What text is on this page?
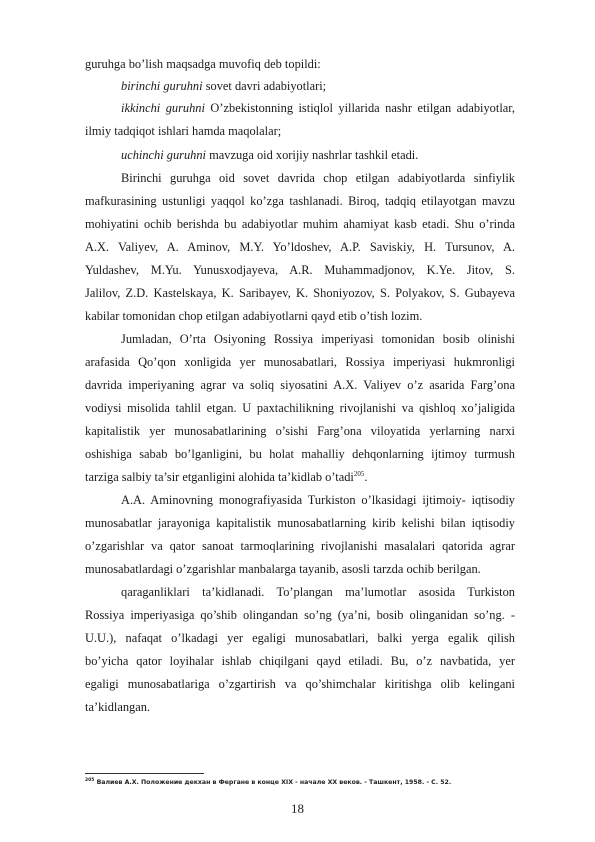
guruhga bo’lish maqsadga muvofiq deb topildi:
birinchi guruhni sovet davri adabiyotlari;
ikkinchi guruhni O’zbekistonning istiqlol yillarida nashr etilgan adabiyotlar,
ilmiy tadqiqot ishlari hamda maqolalar;
uchinchi guruhni mavzuga oid xorijiy nashrlar tashkil etadi.
Birinchi guruhga oid sovet davrida chop etilgan adabiyotlarda sinfiylik
mafkurasining ustunligi yaqqol ko’zga tashlanadi. Biroq, tadqiq etilayotgan mavzu
mohiyatini ochib berishda bu adabiyotlar muhim ahamiyat kasb etadi. Shu o’rinda
A.X. Valiyev, A. Aminov, M.Y. Yo’ldoshev, A.P. Saviskiy, H. Tursunov, A.
Yuldashev, M.Yu. Yunusxodjayeva, A.R. Muhammadjonov, K.Ye. Jitov, S.
Jalilov, Z.D. Kastelskaya, K. Saribayev, K. Shoniyozov, S. Polyakov, S. Gubayeva
kabilar tomonidan chop etilgan adabiyotlarni qayd etib o’tish lozim.
Jumladan, O’rta Osiyoning Rossiya imperiyasi tomonidan bosib olinishi
arafasida Qo’qon xonligida yer munosabatlari, Rossiya imperiyasi hukmronligi
davrida imperiyaning agrar va soliq siyosatini A.X. Valiyev o’z asarida Farg’ona
vodiysi misolida tahlil etgan. U paxtachilikning rivojlanishi va qishloq xo’jaligida
kapitalistik yer munosabatlarining o’sishi Farg’ona viloyatida yerlarning narxi
oshishiga sabab bo’lganligini, bu holat mahalliy dehqonlarning ijtimoy turmush
tarziga salbiy ta’sir etganligini alohida ta’kidlab o’tadi$^{205}$.
A.A. Aminovning monografiyasida Turkiston o’lkasidagi ijtimoiy- iqtisodiy
munosabatlar jarayoniga kapitalistik munosabatlarning kirib kelishi bilan iqtisodiy
o’zgarishlar va qator sanoat tarmoqlarining rivojlanishi masalalari qatorida agrar
munosabatlardagi o’zgarishlar manbalarga tayanib, asosli tarzda ochib berilgan.
qaraganliklari ta’kidlanadi. To’plangan ma’lumotlar asosida Turkiston
Rossiya imperiyasiga qo’shib olingandan so’ng (ya’ni, bosib olinganidan so’ng. -
U.U.), nafaqat o’lkadagi yer egaligi munosabatlari, balki yerga egalik qilish
bo’yicha qator loyihalar ishlab chiqilgani qayd etiladi. Bu, o’z navbatida, yer
egaligi munosabatlariga o’zgartirish va qo’shimchalar kiritishga olib kelingani
ta’kidlangan.
$^{205}$ Валиев А.Х. Положение декхан в Фергане в конце XIX - начале XX веков. - Ташкент, 1958. - С. 52.
18
